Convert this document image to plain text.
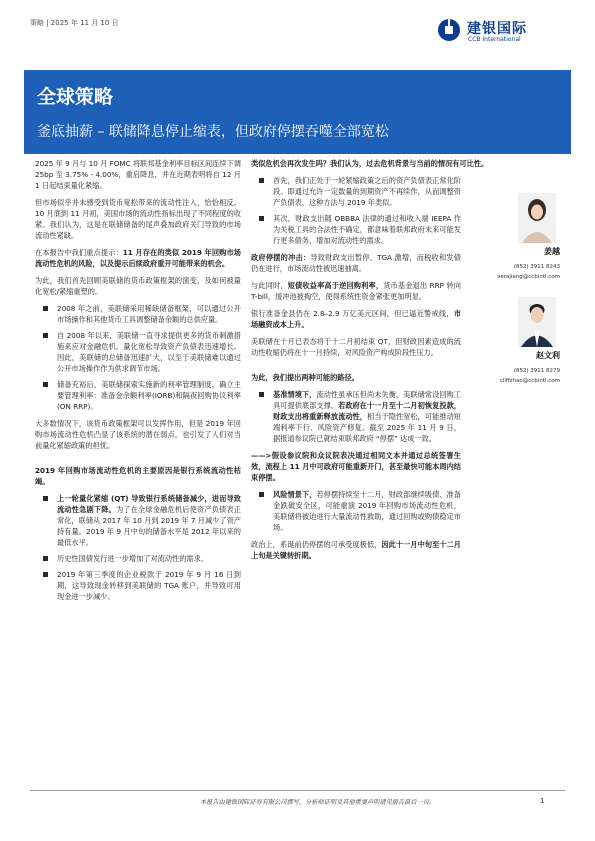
策略 | 2025 年 11 月 10 日	建银国际
CCB International
全球策略
釜底抽薪 – 联储降息停止缩表，但政府停摆吞噬全部宽松

2025 年 9 月与 10 月 FOMC 将联邦基金利率目标区间连续下调 25bp 至 3.75% - 4.00%，重启降息，并在近期表明将自 12 月 1 日起结束量化紧缩。

但市场似乎并未感受到货币宽松带来的流动性注入，恰恰相反，10 月底到 11 月初，美国市场的流动性指标出现了不同程度的收紧。我们认为，这是在联储储备的尾声叠加政府关门导致的市场流动性紧缺。

在本报告中我们重点提示：11 月存在的类似 2019 年回购市场流动性危机的风险，以及提示后续政府重开可能带来的机会。

为此，我们首先回顾美联储的货币政策框架的演变，及如何被量化宽松/紧缩重塑的。

2008 年之前，美联储采用稀缺储备框架，可以通过公开市场操作和其他货币工具调整储备余额的总供应量。
自 2008 年以来，美联储一直寻求提供更多的货币刺激措施来应对金融危机，量化宽松导致资产负债表迅速增长。因此，美联储的总储备迅速扩大，以至于美联储难以通过公开市场操作作为供求调节市场。
储备充裕后，美联储探索实施新的利率管理制度，确立主要管理利率：准备金余额利率(IORB)和隔夜回购协议利率(ON RRP)。

大多数情况下，该货币政策框架可以发挥作用，但是 2019 年回购市场流动性危机凸显了该系统的潜在弱点，也引发了人们对当前量化紧缩政策的担忧。

2019 年回购市场流动性危机的主要原因是银行系统流动性枯竭。

上一轮量化紧缩 (QT) 导致银行系统储备减少，进而导致流动性急剧下降。为了在全球金融危机后使资产负债表正常化，联储从 2017 年 10 月到 2019 年 7 月减少了资产持有量。2019 年 9 月中旬的储备水平是 2012 年以来的最低水平。
历史性国债发行进一步增加了对流动性的需求。
2019 年第三季度的企业税款于 2019 年 9 月 16 日到期，这导致现金转移到美联储的 TGA 账户，并导致可用现金进一步减少。

类似危机会再次发生吗？我们认为，过去危机背景与当前的情况有可比性。

首先，我们正处于一轮紧缩政策之后的资产负债表正常化阶段。即通过允许一定数量的到期资产不再续作，从而调整资产负债表，这种方法与 2019 年类似。
其次，财政支出随 OBBBA 法律的通过和收入端 IEEPA 作为关税工具的合法性不确定，都意味着联邦政府未来可能发行更多债务，增加对流动性的需求。

政府停摆的冲击：导致财政支出暂停、TGA 激增，而税收和发债仍在进行，市场流动性被迅速抽离。

与此同时，短债收益率高于逆回购利率，货币基金退出 RRP 转向 T-bill，缓冲池被掏空，使得系统性资金紧张更加明显。

银行准备金县仍在 2.8–2.9 万亿美元区间，但已逼近警戒线，市场融资成本上升。

美联储在十月已表态将于十二月初结束 QT，但财政因素造成的流动性收缩仍将在十一月持续，对风险资产构成阶段性压力。

为此，我们提出两种可能的路径。

基准情境下，流动性虽承压但尚未失衡，美联储常设回购工具可提供底部支撑。若政府在十一月至十二月初恢复投款，财政支出将重新释放流动性，相当于隐性宽松，可能推动短端利率下行、风险资产修复。截至 2025 年 11 月 9 日，据报道参议院已就结束联邦政府 “停摆” 达成一致。

——>假设参议院和众议院表决通过相同文本并通过总统签署生效，流程上 11 月中可政府可能重新开门，甚至最快可能本周内结束停摆。

风险情景下，若停摆持续至十二月，财政部继续吸债、准备金跌破安全区，可能重演 2019 年回购市场流动性危机，美联储将被迫进行大量流动性救助，通过回购或购债稳定市场。

政治上，系诞前仍停摆的可承受度极低，因此十一月中旬至十二月上旬是关键转折期。

姜越
(852) 3911 8243
verajiang@ccbintl.com
赵文利
(852) 3911 8279
cliffzhao@ccbintl.com
本报告由建银国际证券有限公司撰写。分析师证明及其他重要声明请见报告最后一页。	1
